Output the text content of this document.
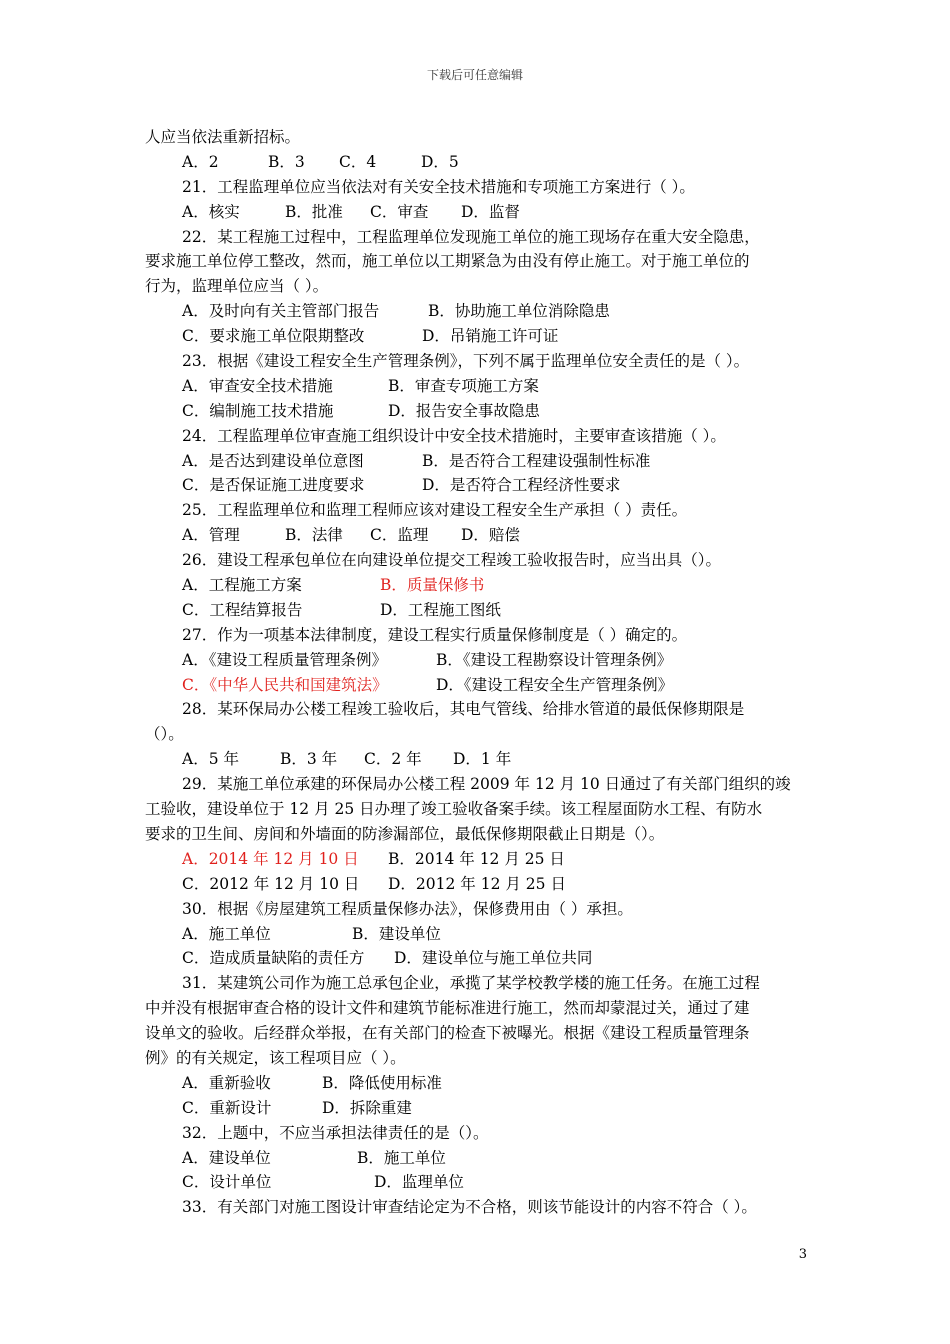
下载后可任意编辑
人应当依法重新招标。
A．2	B．3 C．4	D．5
21．工程监理单位应当依法对有关安全技术措施和专项施工方案进行（ ）。
A．核实	B．批准 C．审查 D．监督
22．某工程施工过程中，工程监理单位发现施工单位的施工现场存在重大安全隐患，
要求施工单位停工整改，然而，施工单位以工期紧急为由没有停止施工。对于施工单位的
行为，监理单位应当（ ）。
A．及时向有关主管部门报告	B．协助施工单位消除隐患
C．要求施工单位限期整改	D．吊销施工许可证
23．根据《建设工程安全生产管理条例》，下列不属于监理单位安全责任的是（ ）。
A．审查安全技术措施	B．审查专项施工方案
C．编制施工技术措施	D．报告安全事故隐患
24．工程监理单位审查施工组织设计中安全技术措施时，主要审查该措施（ ）。
A．是否达到建设单位意图	B．是否符合工程建设强制性标准
C．是否保证施工进度要求	D．是否符合工程经济性要求
25．工程监理单位和监理工程师应该对建设工程安全生产承担（ ）责任。
A．管理	B．法律 C．监理 D．赔偿
26．建设工程承包单位在向建设单位提交工程竣工验收报告时，应当出具（）。
A．工程施工方案	B．质量保修书
C．工程结算报告	D．工程施工图纸
27．作为一项基本法律制度，建设工程实行质量保修制度是（ ）确定的。
A．《建设工程质量管理条例》	B．《建设工程勘察设计管理条例》
C．《中华人民共和国建筑法》	D．《建设工程安全生产管理条例》
28．某环保局办公楼工程竣工验收后，其电气管线、给排水管道的最低保修期限是
（）。
A．5 年	B．3 年 C．2 年 D．1 年
29．某施工单位承建的环保局办公楼工程 2009 年 12 月 10 日通过了有关部门组织的竣
工验收，建设单位于 12 月 25 日办理了竣工验收备案手续。该工程屋面防水工程、有防水
要求的卫生间、房间和外墙面的防渗漏部位，最低保修期限截止日期是（）。
A．2014 年 12 月 10 日 B．2014 年 12 月 25 日
C．2012 年 12 月 10 日 D．2012 年 12 月 25 日
30．根据《房屋建筑工程质量保修办法》，保修费用由（ ）承担。
A．施工单位	B．建设单位
C．造成质量缺陷的责任方 D．建设单位与施工单位共同
31．某建筑公司作为施工总承包企业，承揽了某学校教学楼的施工任务。在施工过程
中并没有根据审查合格的设计文件和建筑节能标准进行施工，然而却蒙混过关，通过了建
设单文的验收。后经群众举报，在有关部门的检查下被曝光。根据《建设工程质量管理条
例》的有关规定，该工程项目应（ ）。
A．重新验收	B．降低使用标准
C．重新设计	D．拆除重建
32．上题中，不应当承担法律责任的是（）。
A．建设单位	B．施工单位
C．设计单位	D．监理单位
33．有关部门对施工图设计审查结论定为不合格，则该节能设计的内容不符合（ ）。
3
